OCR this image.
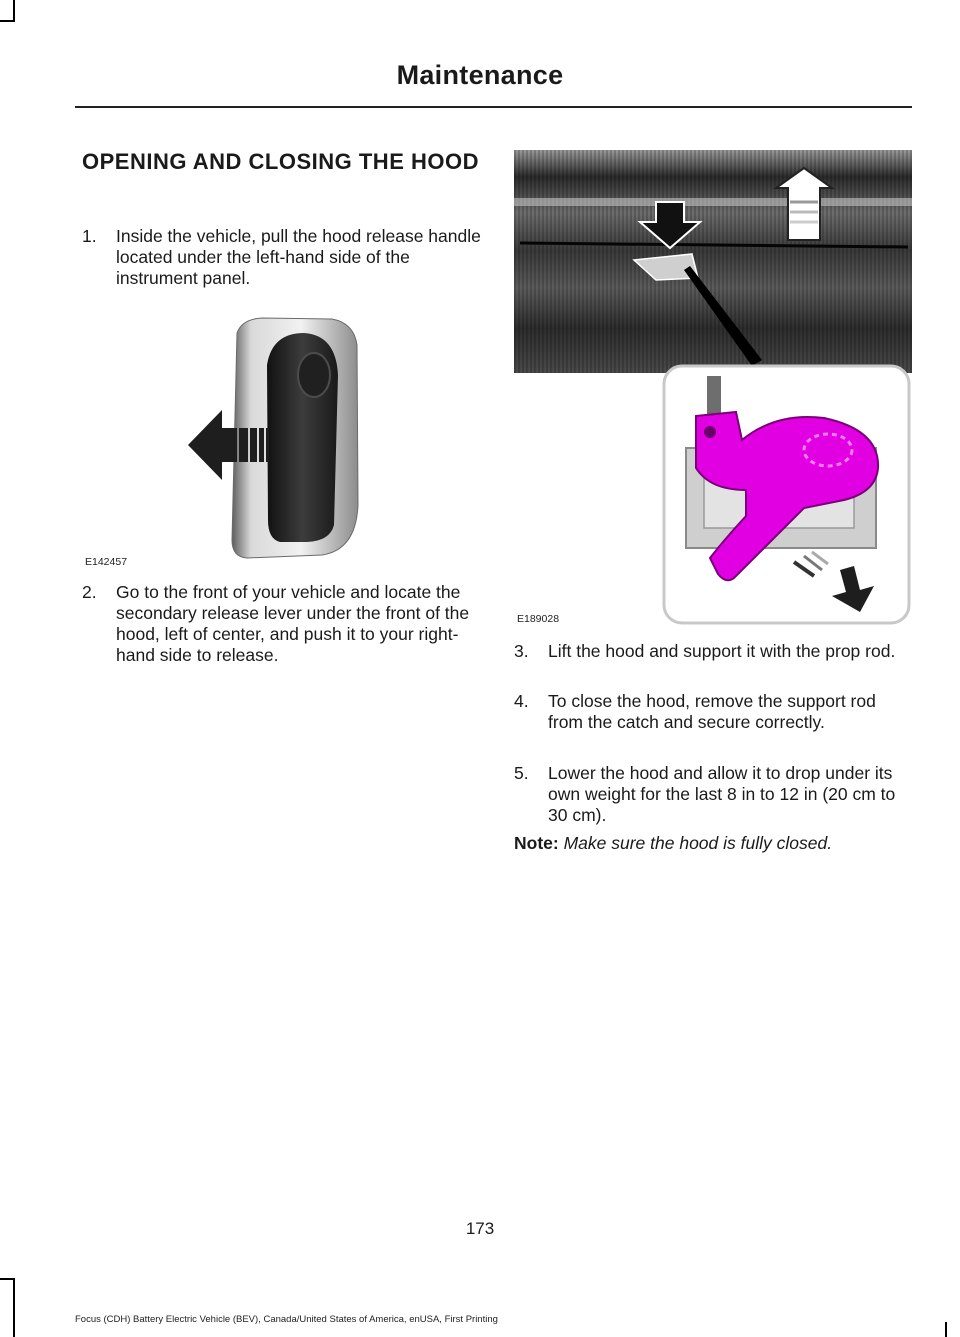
Maintenance
OPENING AND CLOSING THE HOOD
1. Inside the vehicle, pull the hood release handle located under the left-hand side of the instrument panel.
E142457
2. Go to the front of your vehicle and locate the secondary release lever under the front of the hood, left of center, and push it to your right-hand side to release.
E189028
3. Lift the hood and support it with the prop rod.
4. To close the hood, remove the support rod from the catch and secure correctly.
5. Lower the hood and allow it to drop under its own weight for the last 8 in to 12 in (20 cm to 30 cm).
Note: Make sure the hood is fully closed.
173
Focus (CDH) Battery Electric Vehicle (BEV), Canada/United States of America, enUSA, First Printing
